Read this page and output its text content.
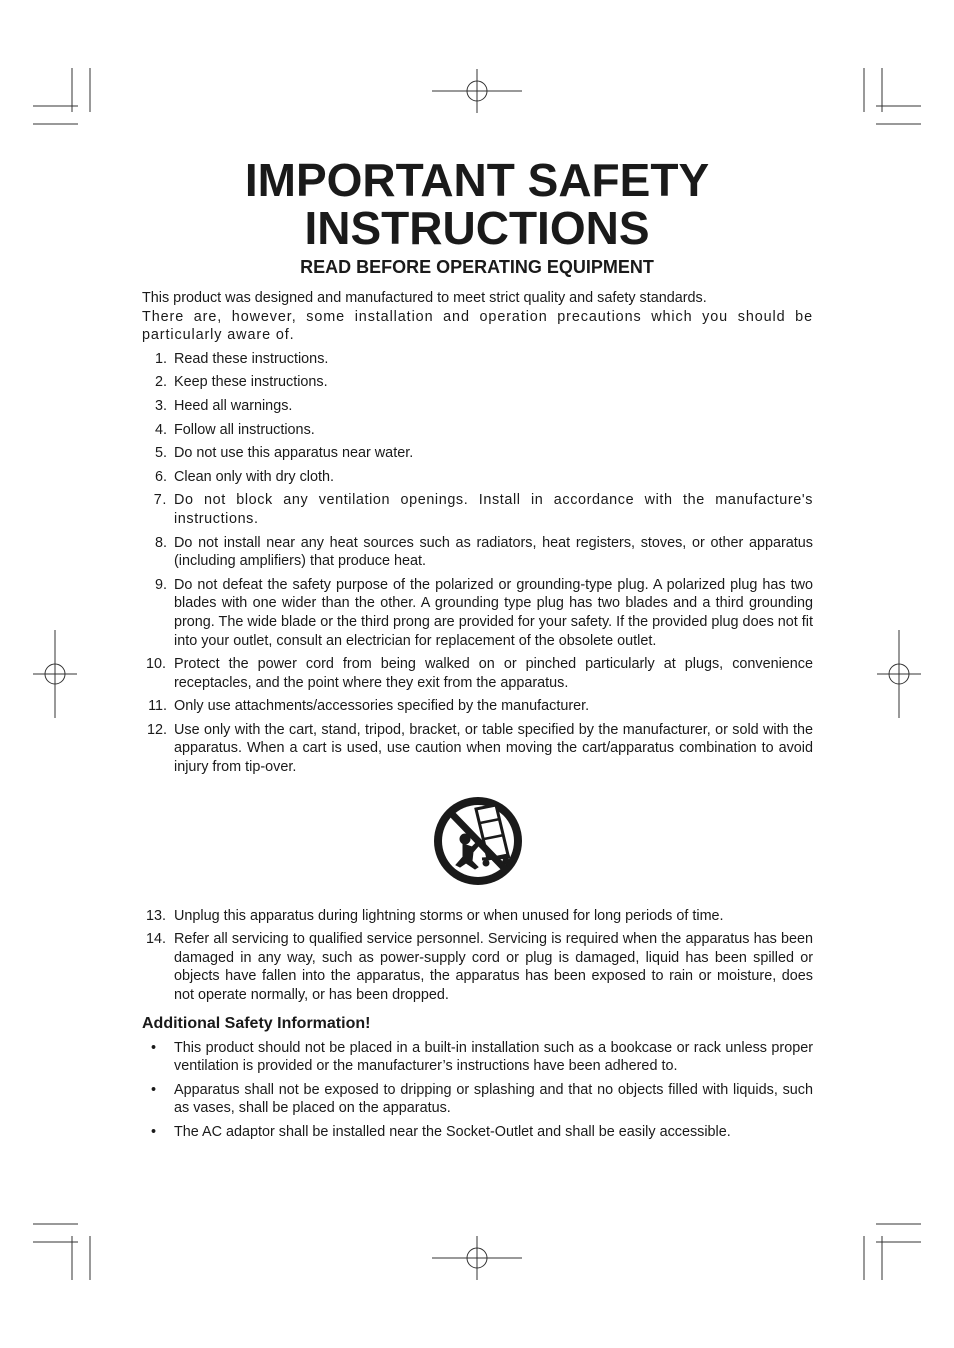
IMPORTANT SAFETY
INSTRUCTIONS
READ BEFORE OPERATING EQUIPMENT

This product was designed and manufactured to meet strict quality and safety standards.
There are, however, some installation and operation precautions which you should be particularly aware of.

1. Read these instructions.
2. Keep these instructions.
3. Heed all warnings.
4. Follow all instructions.
5. Do not use this apparatus near water.
6. Clean only with dry cloth.
7. Do not block any ventilation openings. Install in accordance with the manufacture's instructions.
8. Do not install near any heat sources such as radiators, heat registers, stoves, or other apparatus (including amplifiers) that produce heat.
9. Do not defeat the safety purpose of the polarized or grounding-type plug. A polarized plug has two blades with one wider than the other. A grounding type plug has two blades and a third grounding prong. The wide blade or the third prong are provided for your safety. If the provided plug does not fit into your outlet, consult an electrician for replacement of the obsolete outlet.
10. Protect the power cord from being walked on or pinched particularly at plugs, convenience receptacles, and the point where they exit from the apparatus.
11. Only use attachments/accessories specified by the manufacturer.
12. Use only with the cart, stand, tripod, bracket, or table specified by the manufacturer, or sold with the apparatus. When a cart is used, use caution when moving the cart/apparatus combination to avoid injury from tip-over.
13. Unplug this apparatus during lightning storms or when unused for long periods of time.
14. Refer all servicing to qualified service personnel. Servicing is required when the apparatus has been damaged in any way, such as power-supply cord or plug is damaged, liquid has been spilled or objects have fallen into the apparatus, the apparatus has been exposed to rain or moisture, does not operate normally, or has been dropped.
Additional Safety Information!
• This product should not be placed in a built-in installation such as a bookcase or rack unless proper ventilation is provided or the manufacturer’s instructions have been adhered to.
• Apparatus shall not be exposed to dripping or splashing and that no objects filled with liquids, such as vases, shall be placed on the apparatus.
• The AC adaptor shall be installed near the Socket-Outlet and shall be easily accessible.
